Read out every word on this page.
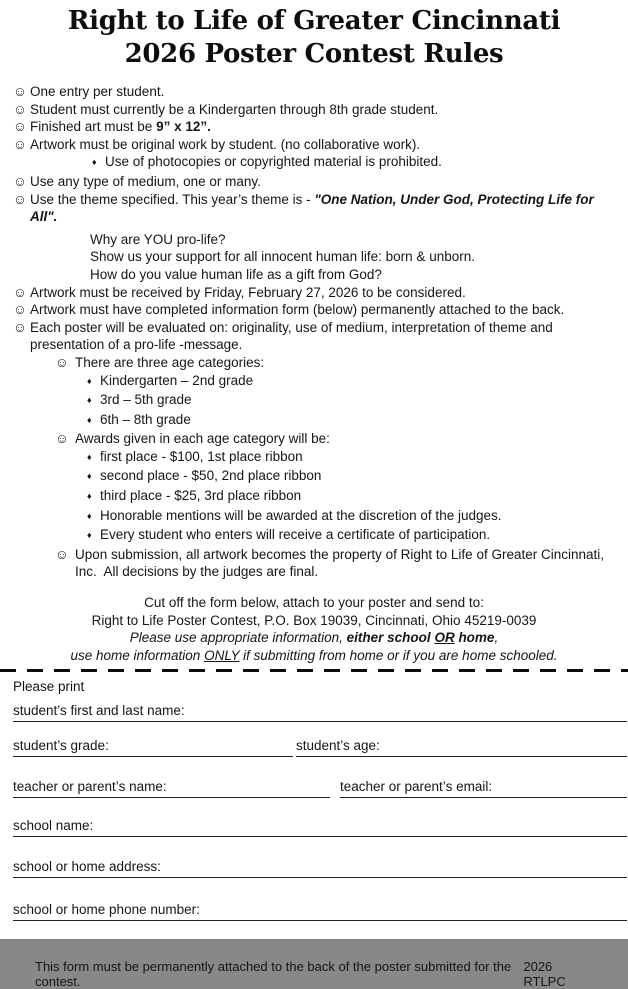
Right to Life of Greater Cincinnati
2026 Poster Contest Rules
☺ One entry per student.
☺ Student must currently be a Kindergarten through 8th grade student.
☺ Finished art must be 9” x 12”.
☺ Artwork must be original work by student. (no collaborative work).
♦ Use of photocopies or copyrighted material is prohibited.
☺ Use any type of medium, one or many.
☺ Use the theme specified. This year’s theme is - "One Nation, Under God, Protecting Life for All".
Why are YOU pro-life?
Show us your support for all innocent human life: born & unborn.
How do you value human life as a gift from God?
☺ Artwork must be received by Friday, February 27, 2026 to be considered.
☺ Artwork must have completed information form (below) permanently attached to the back.
☺ Each poster will be evaluated on: originality, use of medium, interpretation of theme and presentation of a pro-life -message.
☺ There are three age categories:
♦ Kindergarten – 2nd grade
♦ 3rd – 5th grade
♦ 6th – 8th grade
☺ Awards given in each age category will be:
♦ first place - $100, 1st place ribbon
♦ second place - $50, 2nd place ribbon
♦ third place - $25, 3rd place ribbon
♦ Honorable mentions will be awarded at the discretion of the judges.
♦ Every student who enters will receive a certificate of participation.
☺ Upon submission, all artwork becomes the property of Right to Life of Greater Cincinnati, Inc.  All decisions by the judges are final.
Cut off the form below, attach to your poster and send to:
Right to Life Poster Contest, P.O. Box 19039, Cincinnati, Ohio 45219-0039
Please use appropriate information, either school OR home,
use home information ONLY if submitting from home or if you are home schooled.
Please print
student’s first and last name:
student’s grade:	student’s age:
teacher or parent’s name:	teacher or parent’s email:
school name:
school or home address:
school or home phone number:
This form must be permanently attached to the back of the poster submitted for the contest.
2026 RTLPC
